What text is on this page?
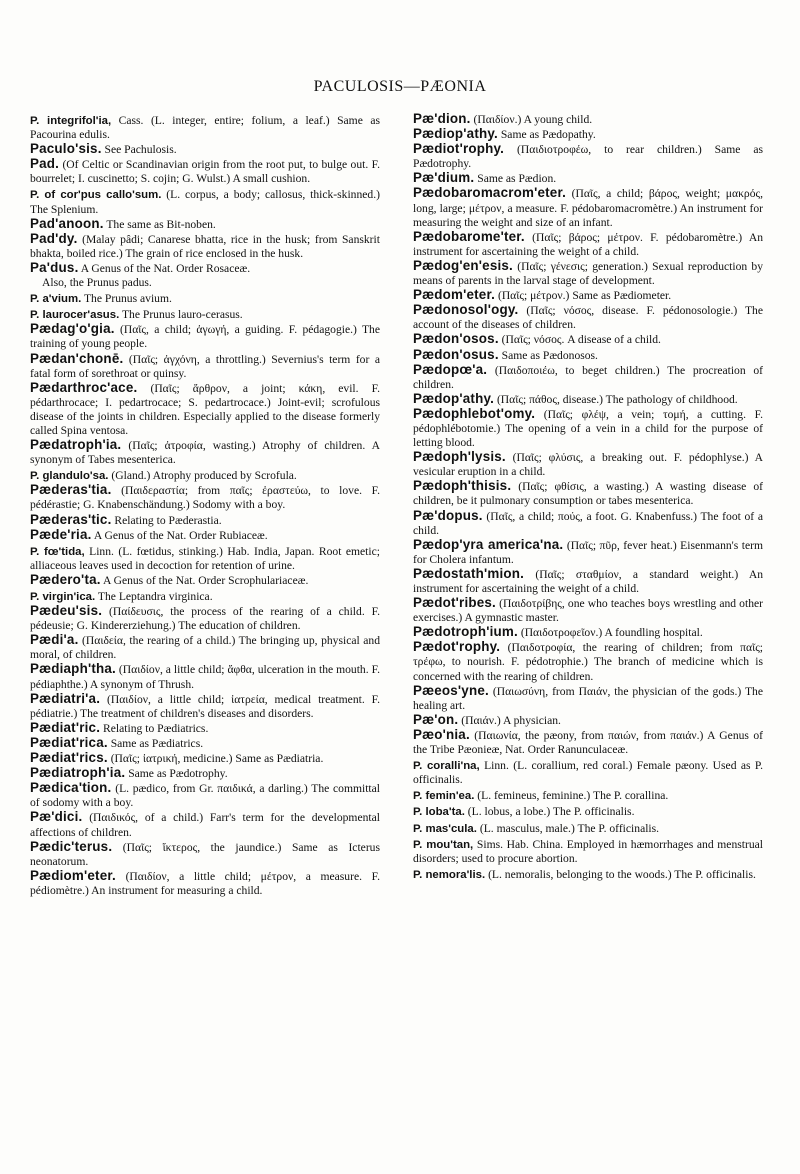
PACULOSIS—PÆONIA
P. integrifol'ia, Cass. (L. integer, entire; folium, a leaf.) Same as Pacourina edulis.
Paculo'sis. See Pachulosis.
Pad. (Of Celtic or Scandinavian origin from the root put, to bulge out. F. bourrelet; I. cuscinetto; S. cojin; G. Wulst.) A small cushion.
P. of cor'pus callo'sum. (L. corpus, a body; callosus, thick-skinned.) The Splenium.
Pad'anoon. The same as Bit-noben.
Pad'dy. (Malay pâdi; Canarese bhatta, rice in the husk; from Sanskrit bhakta, boiled rice.) The grain of rice enclosed in the husk.
Pa'dus. A Genus of the Nat. Order Rosaceæ.
Also, the Prunus padus.
P. a'vium. The Prunus avium.
P. laurocer'asus. The Prunus lauro-cerasus.
Pædag'o'gia. (Παῖς, a child; ἀγωγή, a guiding. F. pédagogie.) The training of young people.
Pædan'chonē. (Παῖς; ἀγχόνη, a throttling.) Severnius's term for a fatal form of sorethroat or quinsy.
Pædarthroc'ace. (Παῖς; ἄρθρον, a joint; κάκη, evil. F. pédarthrocace; I. pedartrocace; S. pedartrocace.) Joint-evil; scrofulous disease of the joints in children. Especially applied to the disease formerly called Spina ventosa.
Pædatroph'ia. (Παῖς; ἀτροφία, wasting.) Atrophy of children. A synonym of Tabes mesenterica.
P. glandulo'sa. (Gland.) Atrophy produced by Scrofula.
Pæderas'tia. (Παιδεραστία; from παῖς; ἐραστεύω, to love. F. pédérastie; G. Knabenschändung.) Sodomy with a boy.
Pæderas'tic. Relating to Pæderastia.
Pæde'ria. A Genus of the Nat. Order Rubiaceæ.
P. fœ'tida, Linn. (L. fœtidus, stinking.) Hab. India, Japan. Root emetic; alliaceous leaves used in decoction for retention of urine.
Pædero'ta. A Genus of the Nat. Order Scrophulariaceæ.
P. virgin'ica. The Leptandra virginica.
Pædeu'sis. (Παίδευσις, the process of the rearing of a child. F. pédeusie; G. Kindererziehung.) The education of children.
Pædi'a. (Παιδεία, the rearing of a child.) The bringing up, physical and moral, of children.
Pædiaph'tha. (Παιδίον, a little child; ἄφθα, ulceration in the mouth. F. pédiaphthe.) A synonym of Thrush.
Pædiatri'a. (Παιδίον, a little child; ἰατρεία, medical treatment. F. pédiatrie.) The treatment of children's diseases and disorders.
Pædiat'ric. Relating to Pædiatrics.
Pædiat'rica. Same as Pædiatrics.
Pædiat'rics. (Παῖς; ἰατρική, medicine.) Same as Pædiatria.
Pædiatroph'ia. Same as Pædotrophy.
Pædica'tion. (L. pædico, from Gr. παιδικά, a darling.) The committal of sodomy with a boy.
Pæ'dici. (Παιδικός, of a child.) Farr's term for the developmental affections of children.
Pædic'terus. (Παῖς; ἴκτερος, the jaundice.) Same as Icterus neonatorum.
Pædiom'eter. (Παιδίον, a little child; μέτρον, a measure. F. pédiomètre.) An instrument for measuring a child.
Pæ'dion. (Παιδίον.) A young child.
Pædiop'athy. Same as Pædopathy.
Pædiot'rophy. (Παιδιοτροφέω, to rear children.) Same as Pædotrophy.
Pæ'dium. Same as Pædion.
Pædobaromacrom'eter. (Παῖς, a child; βάρος, weight; μακρός, long, large; μέτρον, a measure. F. pédobaromacromètre.) An instrument for measuring the weight and size of an infant.
Pædobarome'ter. (Παῖς; βάρος; μέτρον. F. pédobaromètre.) An instrument for ascertaining the weight of a child.
Pædog'en'esis. (Παῖς; γένεσις; generation.) Sexual reproduction by means of parents in the larval stage of development.
Pædom'eter. (Παῖς; μέτρον.) Same as Pædiometer.
Pædonosol'ogy. (Παῖς; νόσος, disease. F. pédonosologie.) The account of the diseases of children.
Pædon'osos. (Παῖς; νόσος. A disease of a child.
Pædon'osus. Same as Pædonosos.
Pædopœ'a. (Παιδοποιέω, to beget children.) The procreation of children.
Pædop'athy. (Παῖς; πάθος, disease.) The pathology of childhood.
Pædophlebot'omy. (Παῖς; φλέψ, a vein; τομή, a cutting. F. pédophlébotomie.) The opening of a vein in a child for the purpose of letting blood.
Pædoph'lysis. (Παῖς; φλύσις, a breaking out. F. pédophlyse.) A vesicular eruption in a child.
Pædoph'thisis. (Παῖς; φθίσις, a wasting.) A wasting disease of children, be it pulmonary consumption or tabes mesenterica.
Pæ'dopus. (Παῖς, a child; πούς, a foot. G. Knabenfuss.) The foot of a child.
Pædop'yra america'na. (Παῖς; πῦρ, fever heat.) Eisenmann's term for Cholera infantum.
Pædostath'mion. (Παῖς; σταθμίον, a standard weight.) An instrument for ascertaining the weight of a child.
Pædot'ribes. (Παιδοτρίβης, one who teaches boys wrestling and other exercises.) A gymnastic master.
Pædotroph'ium. (Παιδοτροφεῖον.) A foundling hospital.
Pædot'rophy. (Παιδοτροφία, the rearing of children; from παῖς; τρέφω, to nourish. F. pédotrophie.) The branch of medicine which is concerned with the rearing of children.
Pæeos'yne. (Παιωσύνη, from Παιάν, the physician of the gods.) The healing art.
Pæ'on. (Παιάν.) A physician.
Pæo'nia. (Παιωνία, the pæony, from παιών, from παιάν.) A Genus of the Tribe Pæonieæ, Nat. Order Ranunculaceæ.
P. coralli'na, Linn. (L. corallium, red coral.) Female pæony. Used as P. officinalis.
P. femin'ea. (L. femineus, feminine.) The P. corallina.
P. loba'ta. (L. lobus, a lobe.) The P. officinalis.
P. mas'cula. (L. masculus, male.) The P. officinalis.
P. mou'tan, Sims. Hab. China. Employed in hæmorrhages and menstrual disorders; used to procure abortion.
P. nemora'lis. (L. nemoralis, belonging to the woods.) The P. officinalis.
